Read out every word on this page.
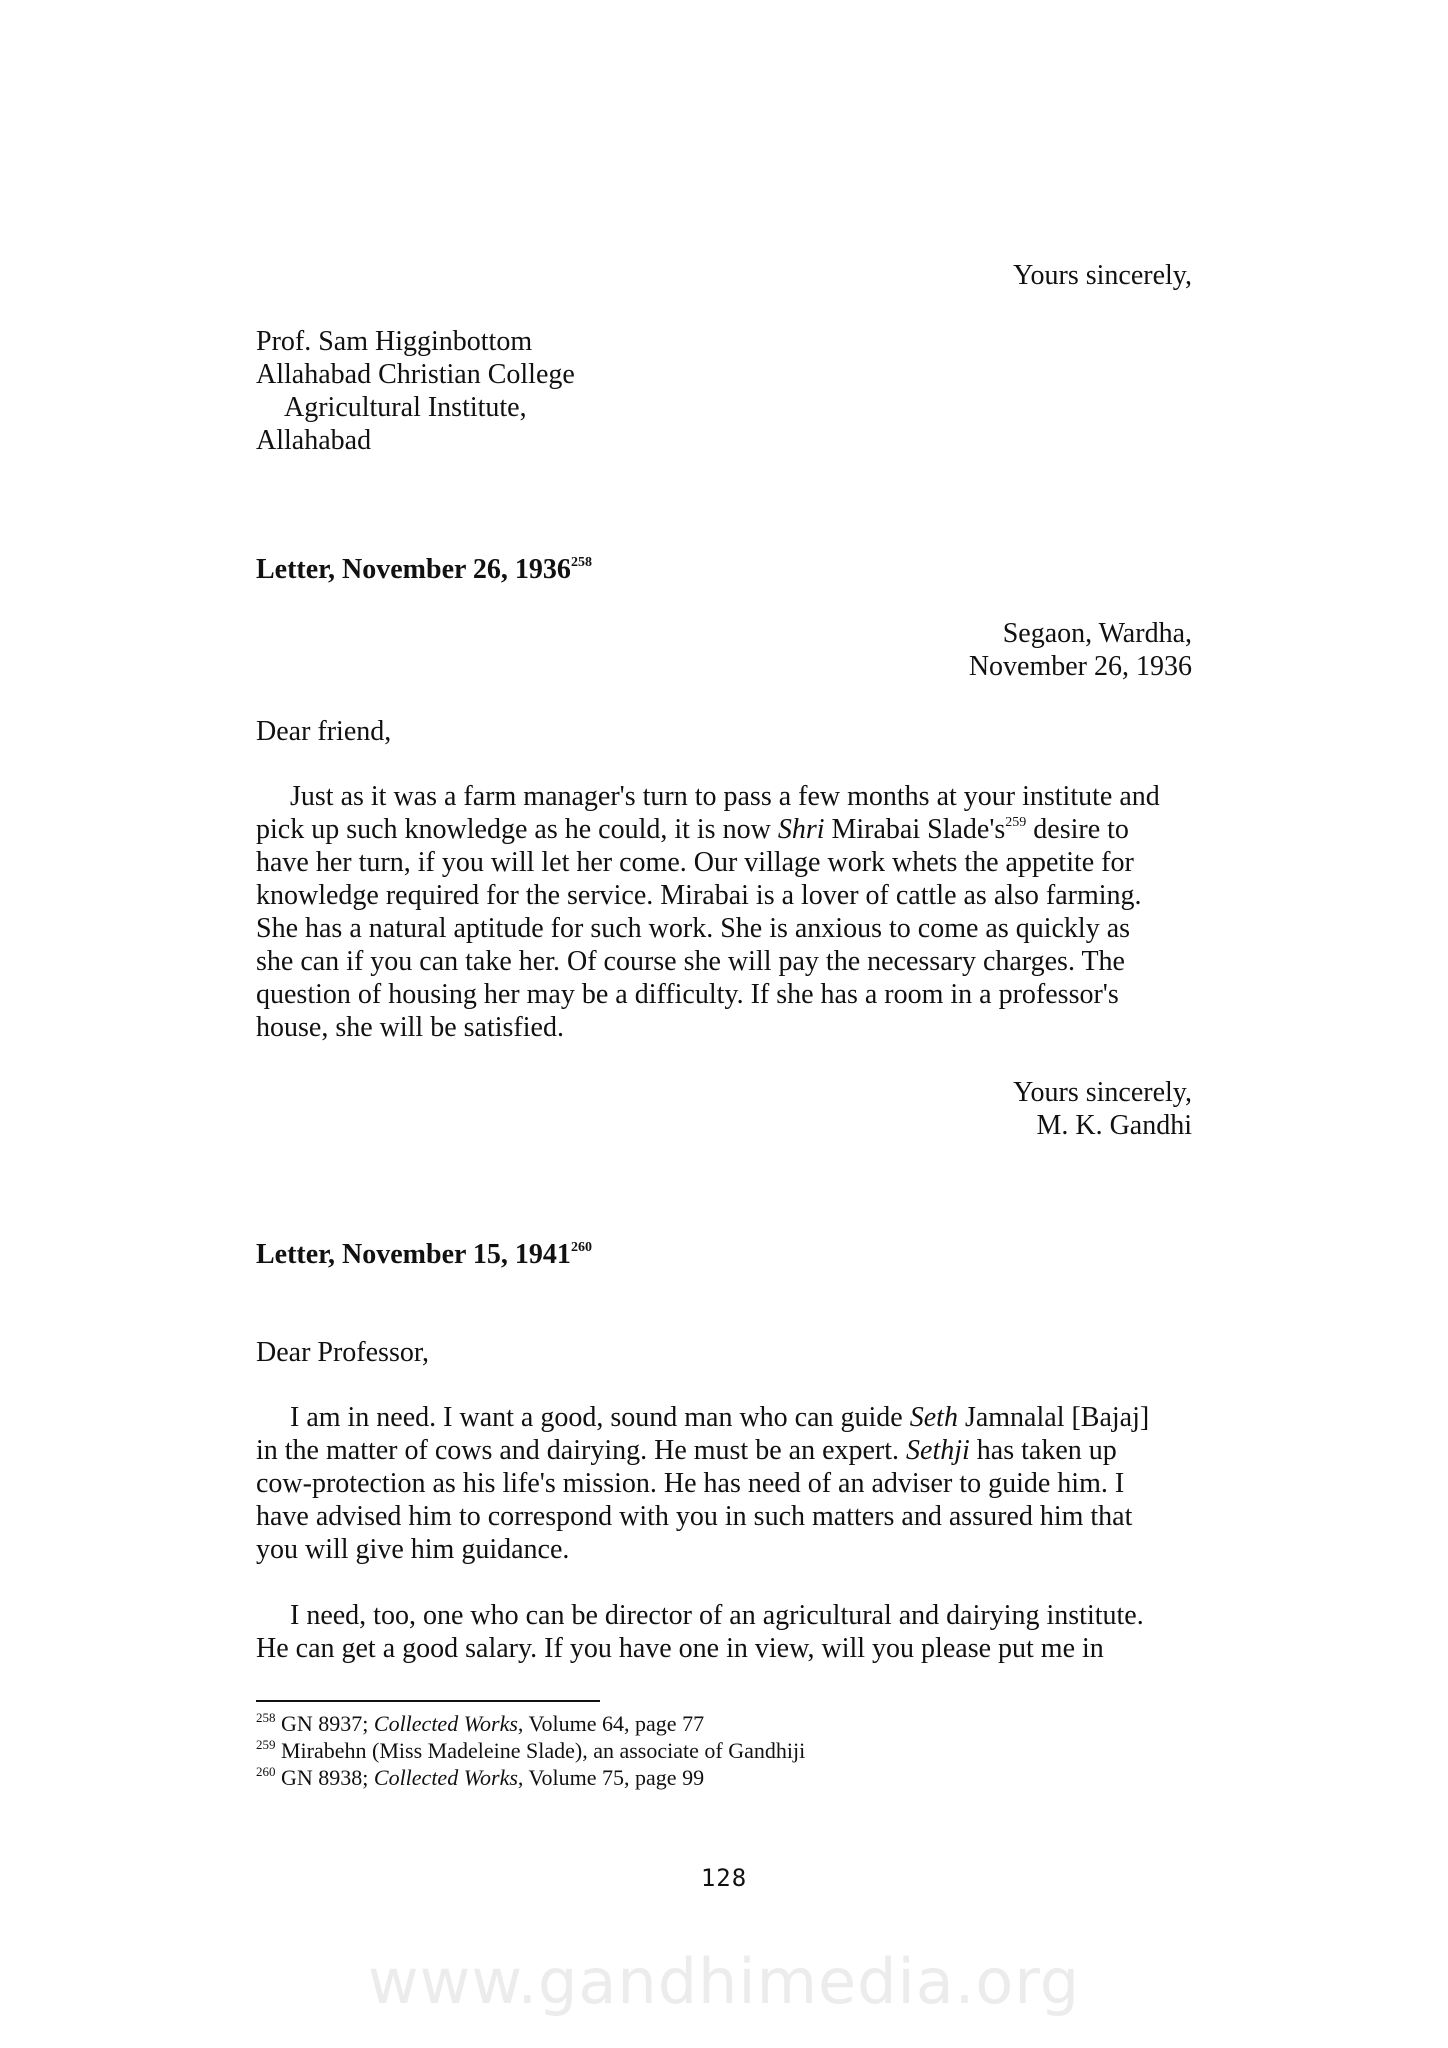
Yours sincerely,
Prof. Sam Higginbottom
Allahabad Christian College
Agricultural Institute,
Allahabad
Letter, November 26, 1936$^{258}$
Segaon, Wardha,
November 26, 1936
Dear friend,
Just as it was a farm manager's turn to pass a few months at your institute and
pick up such knowledge as he could, it is now Shri Mirabai $Slade's^{259}$ desire to
have her turn, if you will let her come. Our village work whets the appetite for
knowledge required for the service. Mirabai is a lover of cattle as also farming.
She has a natural aptitude for such work. She is anxious to come as quickly as
she can if you can take her. Of course she will pay the necessary charges. The
question of housing her may be a difficulty. If she has a room in a professor's
house, she will be satisfied.
Yours sincerely,
M. K. Gandhi
Letter, November 15, 1941$^{260}$
Dear Professor,
I am in need. I want a good, sound man who can guide Seth Jamnalal [Bajaj]
in the matter of cows and dairying. He must be an expert. Sethji has taken up
cow-protection as his life's mission. He has need of an adviser to guide him. I
have advised him to correspond with you in such matters and assured him that
you will give him guidance.
I need, too, one who can be director of an agricultural and dairying institute.
He can get a good salary. If you have one in view, will you please put me in
$^{258}$ GN 8937; Collected Works, Volume 64, page 77
$^{259}$ Mirabehn (Miss Madeleine Slade), an associate of Gandhiji
$^{260}$ GN 8938; Collected Works, Volume 75, page 99
128
www.gandhimedia.org
